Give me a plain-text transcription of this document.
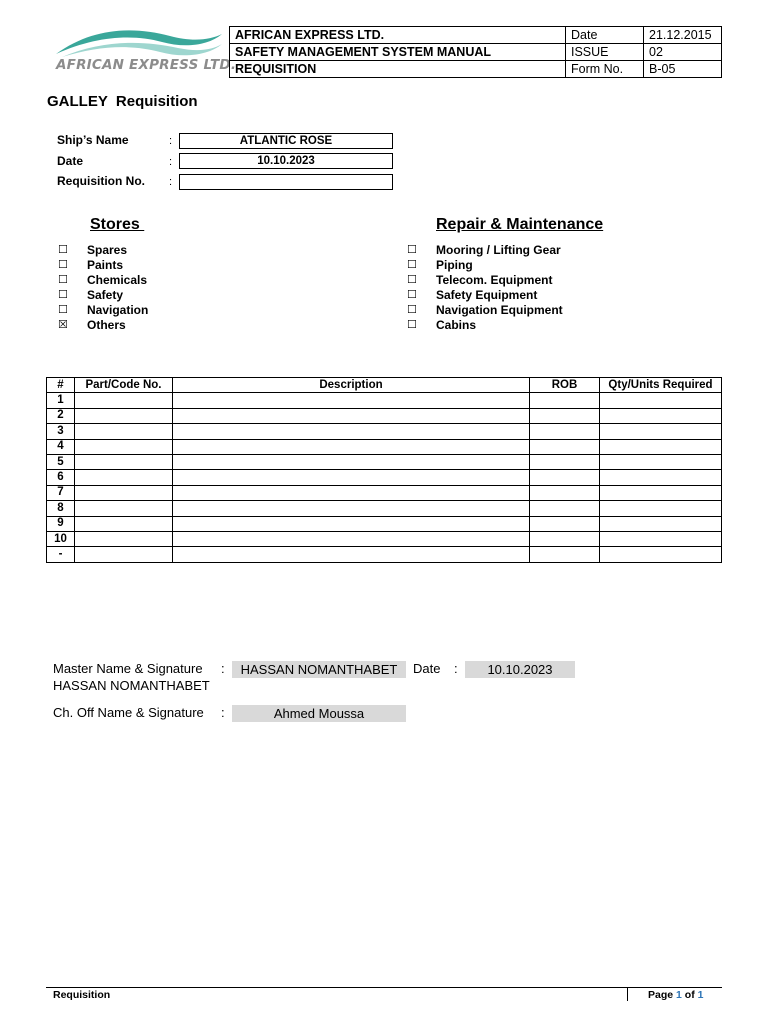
AFRICAN EXPRESS LTD.
AFRICAN EXPRESS LTD.	Date	21.12.2015
SAFETY MANAGEMENT SYSTEM MANUAL	ISSUE	02
REQUISITION	Form No.	B-05
GALLEY  Requisition
Ship’s Name	:	ATLANTIC ROSE
Date	:	10.10.2023
Requisition No. :
Stores	Repair & Maintenance
☐ Spares
☐ Paints
☐ Chemicals
☐ Safety
☐ Navigation
☒ Others
☐ Mooring / Lifting Gear
☐ Piping
☐ Telecom. Equipment
☐ Safety Equipment
☐ Navigation Equipment
☐ Cabins
#	Part/Code No.	Description	ROB	Qty/Units Required
1				
2				
3				
4				
5				
6				
7				
8				
9				
10				
-				
Master Name & Signature :	HASSAN NOMANTHABET	Date :	10.10.2023
HASSAN NOMANTHABET
Ch. Off Name & Signature :	Ahmed Moussa
Requisition	Page 1 of 1
